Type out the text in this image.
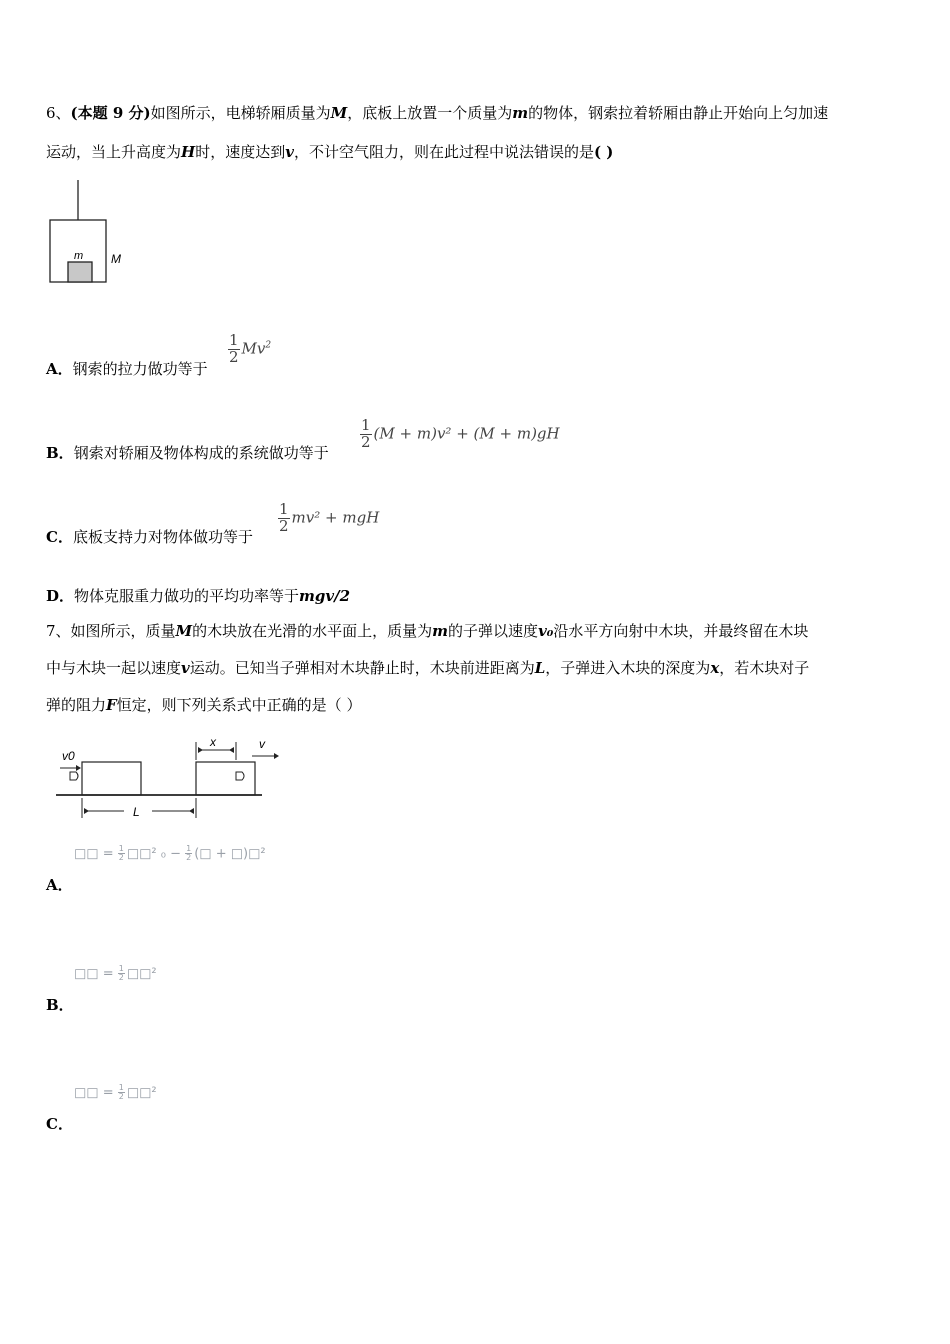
6、(本题 9 分)如图所示，电梯轿厢质量为M，底板上放置一个质量为m的物体，钢索拉着轿厢由静止开始向上匀加速
运动，当上升高度为H时，速度达到v，不计空气阻力，则在此过程中说法错误的是( )
m M
A．钢索的拉力做功等于
$\frac{1}{2} Mv^2$
B．钢索对轿厢及物体构成的系统做功等于
$\frac{1}{2} (M + m)v^2 + (M + m)gH$
C．底板支持力对物体做功等于
$\frac{1}{2} mv^2$ + mgH
D．物体克服重力做功的平均功率等于mgv/2
7、如图所示，质量M的木块放在光滑的水平面上，质量为m的子弹以速度v₀沿水平方向射中木块，并最终留在木块
中与木块一起以速度v运动。已知当子弹相对木块静止时，木块前进距离为L，子弹进入木块的深度为x，若木块对子
弹的阻力F恒定，则下列关系式中正确的是（ ）
v0
x	v
L
□□ = $\frac{1}{2}$ □□² $_0 - \frac{1}{2}$ (□ + □)□²
A．
□□ = $\frac{1}{2}$ □□²
B．
□□ = $\frac{1}{2}$ □□²
C．
